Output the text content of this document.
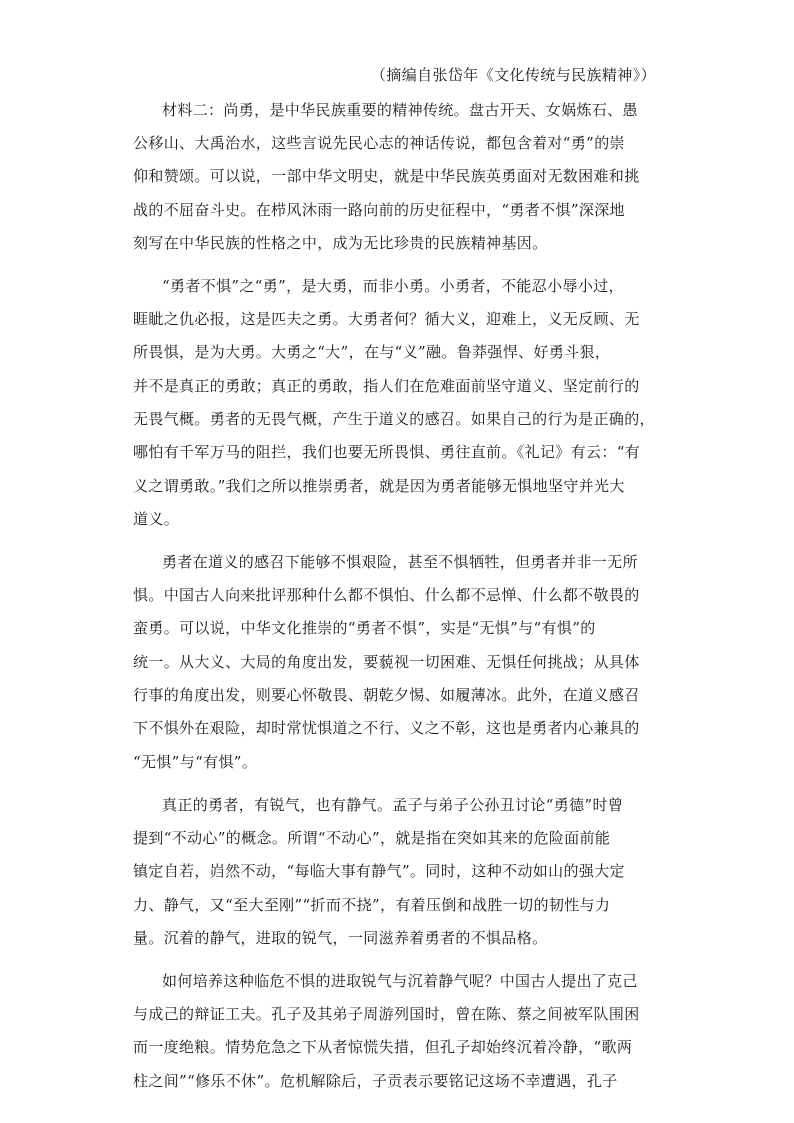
（摘编自张岱年《文化传统与民族精神》）
材料二：尚勇，是中华民族重要的精神传统。盘古开天、女娲炼石、愚
公移山、大禹治水，这些言说先民心志的神话传说，都包含着对“勇”的崇
仰和赞颂。可以说，一部中华文明史，就是中华民族英勇面对无数困难和挑
战的不屈奋斗史。在栉风沐雨一路向前的历史征程中，“勇者不惧”深深地
刻写在中华民族的性格之中，成为无比珍贵的民族精神基因。
“勇者不惧”之“勇”，是大勇，而非小勇。小勇者，不能忍小辱小过，
睚眦之仇必报，这是匹夫之勇。大勇者何？循大义，迎难上，义无反顾、无
所畏惧，是为大勇。大勇之“大”，在与“义”融。鲁莽强悍、好勇斗狠，
并不是真正的勇敢；真正的勇敢，指人们在危难面前坚守道义、坚定前行的
无畏气概。勇者的无畏气概，产生于道义的感召。如果自己的行为是正确的，
哪怕有千军万马的阻拦，我们也要无所畏惧、勇往直前。《礼记》有云：“有
义之谓勇敢。”我们之所以推崇勇者，就是因为勇者能够无惧地坚守并光大
道义。
勇者在道义的感召下能够不惧艰险，甚至不惧牺牲，但勇者并非一无所
惧。中国古人向来批评那种什么都不惧怕、什么都不忌惮、什么都不敬畏的
蛮勇。可以说，中华文化推崇的“勇者不惧”，实是“无惧”与“有惧”的
统一。从大义、大局的角度出发，要藐视一切困难、无惧任何挑战；从具体
行事的角度出发，则要心怀敬畏、朝乾夕惕、如履薄冰。此外，在道义感召
下不惧外在艰险，却时常忧惧道之不行、义之不彰，这也是勇者内心兼具的
“无惧”与“有惧”。
真正的勇者，有锐气，也有静气。孟子与弟子公孙丑讨论“勇德”时曾
提到“不动心”的概念。所谓“不动心”，就是指在突如其来的危险面前能
镇定自若，岿然不动，“每临大事有静气”。同时，这种不动如山的强大定
力、静气，又“至大至刚”“折而不挠”，有着压倒和战胜一切的韧性与力
量。沉着的静气，进取的锐气，一同滋养着勇者的不惧品格。
如何培养这种临危不惧的进取锐气与沉着静气呢？中国古人提出了克己
与成己的辩证工夫。孔子及其弟子周游列国时，曾在陈、蔡之间被军队围困
而一度绝粮。情势危急之下从者惊慌失措，但孔子却始终沉着冷静，“歌两
柱之间”“修乐不休”。危机解除后，子贡表示要铭记这场不幸遭遇，孔子
